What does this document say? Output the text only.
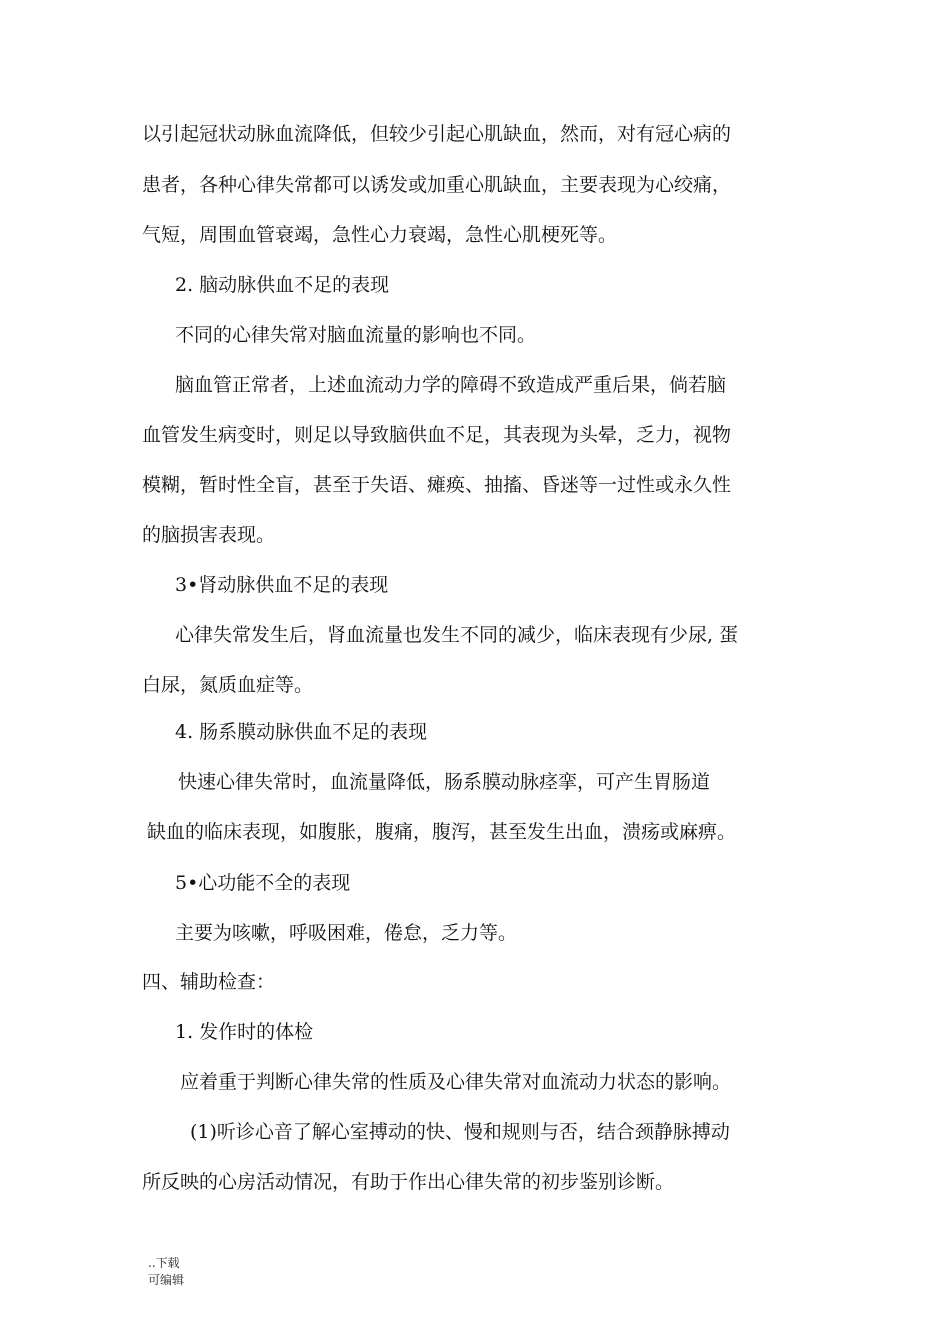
以引起冠状动脉血流降低，但较少引起心肌缺血，然而，对有冠心病的
患者，各种心律失常都可以诱发或加重心肌缺血，主要表现为心绞痛，
气短，周围血管衰竭，急性心力衰竭，急性心肌梗死等。
2. 脑动脉供血不足的表现
不同的心律失常对脑血流量的影响也不同。
脑血管正常者，上述血流动力学的障碍不致造成严重后果，倘若脑
血管发生病变时，则足以导致脑供血不足，其表现为头晕，乏力，视物
模糊，暂时性全盲，甚至于失语、瘫痪、抽搐、昏迷等一过性或永久性
的脑损害表现。
3•肾动脉供血不足的表现
心律失常发生后，肾血流量也发生不同的减少，临床表现有少尿, 蛋
白尿，氮质血症等。
4. 肠系膜动脉供血不足的表现
快速心律失常时，血流量降低，肠系膜动脉痉挛，可产生胃肠道
缺血的临床表现，如腹胀，腹痛，腹泻，甚至发生出血，溃疡或麻痹。
5•心功能不全的表现
主要为咳嗽，呼吸困难，倦怠，乏力等。
四、辅助检查：
1. 发作时的体检
应着重于判断心律失常的性质及心律失常对血流动力状态的影响。
(1)听诊心音了解心室搏动的快、慢和规则与否，结合颈静脉搏动
所反映的心房活动情况，有助于作出心律失常的初步鉴别诊断。
..下载
可编辑
